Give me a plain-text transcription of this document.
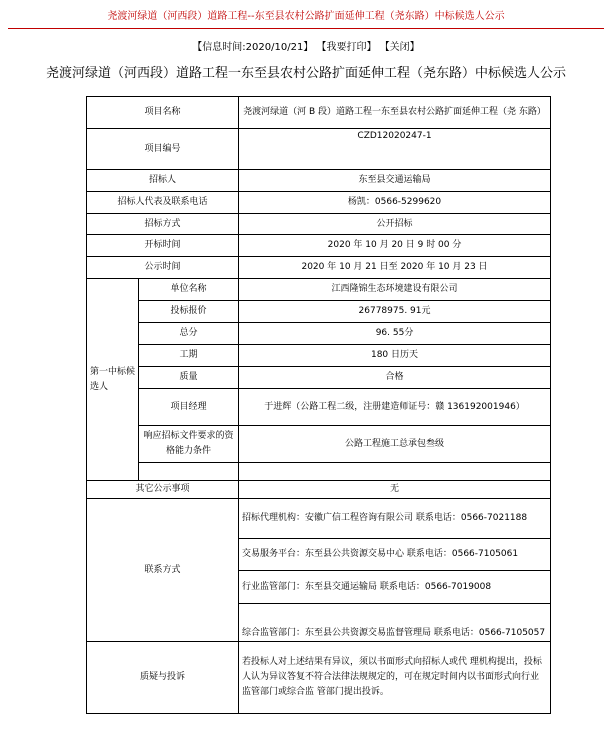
尧渡河绿道（河西段）道路工程--东至县农村公路扩面延伸工程（尧东路）中标候选人公示
【信息时间:2020/10/21】 【我要打印】 【关闭】
尧渡河绿道（河西段）道路工程一东至县农村公路扩面延伸工程（尧东路）中标候选人公示
项目名称		尧渡河绿道（河 B 段）道路工程一东至县农村公路扩面延伸工程（尧 东路）
项目编号		CZD12020247-1
招标人		东至县交通运输局
招标人代表及联系电话		杨凯：0566-5299620
招标方式		公开招标
开标时间		2020 年 10 月 20 日 9 时 00 分
公示时间		2020 年 10 月 21 日至 2020 年 10 月 23 日
第一中标候选人	单位名称	江西隆锦生态环境建设有限公司
	投标报价	26778975. 91元
	总分	96. 55分
	工期	180 日历天
	质量	合格
	项目经理	于进辉（公路工程二级，注册建造师证号：赣 136192001946）
	响应招标文件要求的资格能力条件	公路工程施工总承包叁级

其它公示事项		无
联系方式		招标代理机构：安徽广信工程咨询有限公司 联系电话：0566-7021188
		交易服务平台：东至县公共资源交易中心 联系电话：0566-7105061
		行业监管部门：东至县交通运输局 联系电话：0566-7019008
		综合监管部门：东至县公共资源交易监督管理局 联系电话：0566-7105057
质疑与投诉		若投标人对上述结果有异议，须以书面形式向招标人或代 理机构提出，投标人认为异议答复不符合法律法规规定的，可在规定时间内以书面形式向行业监管部门或综合监 管部门提出投诉。
